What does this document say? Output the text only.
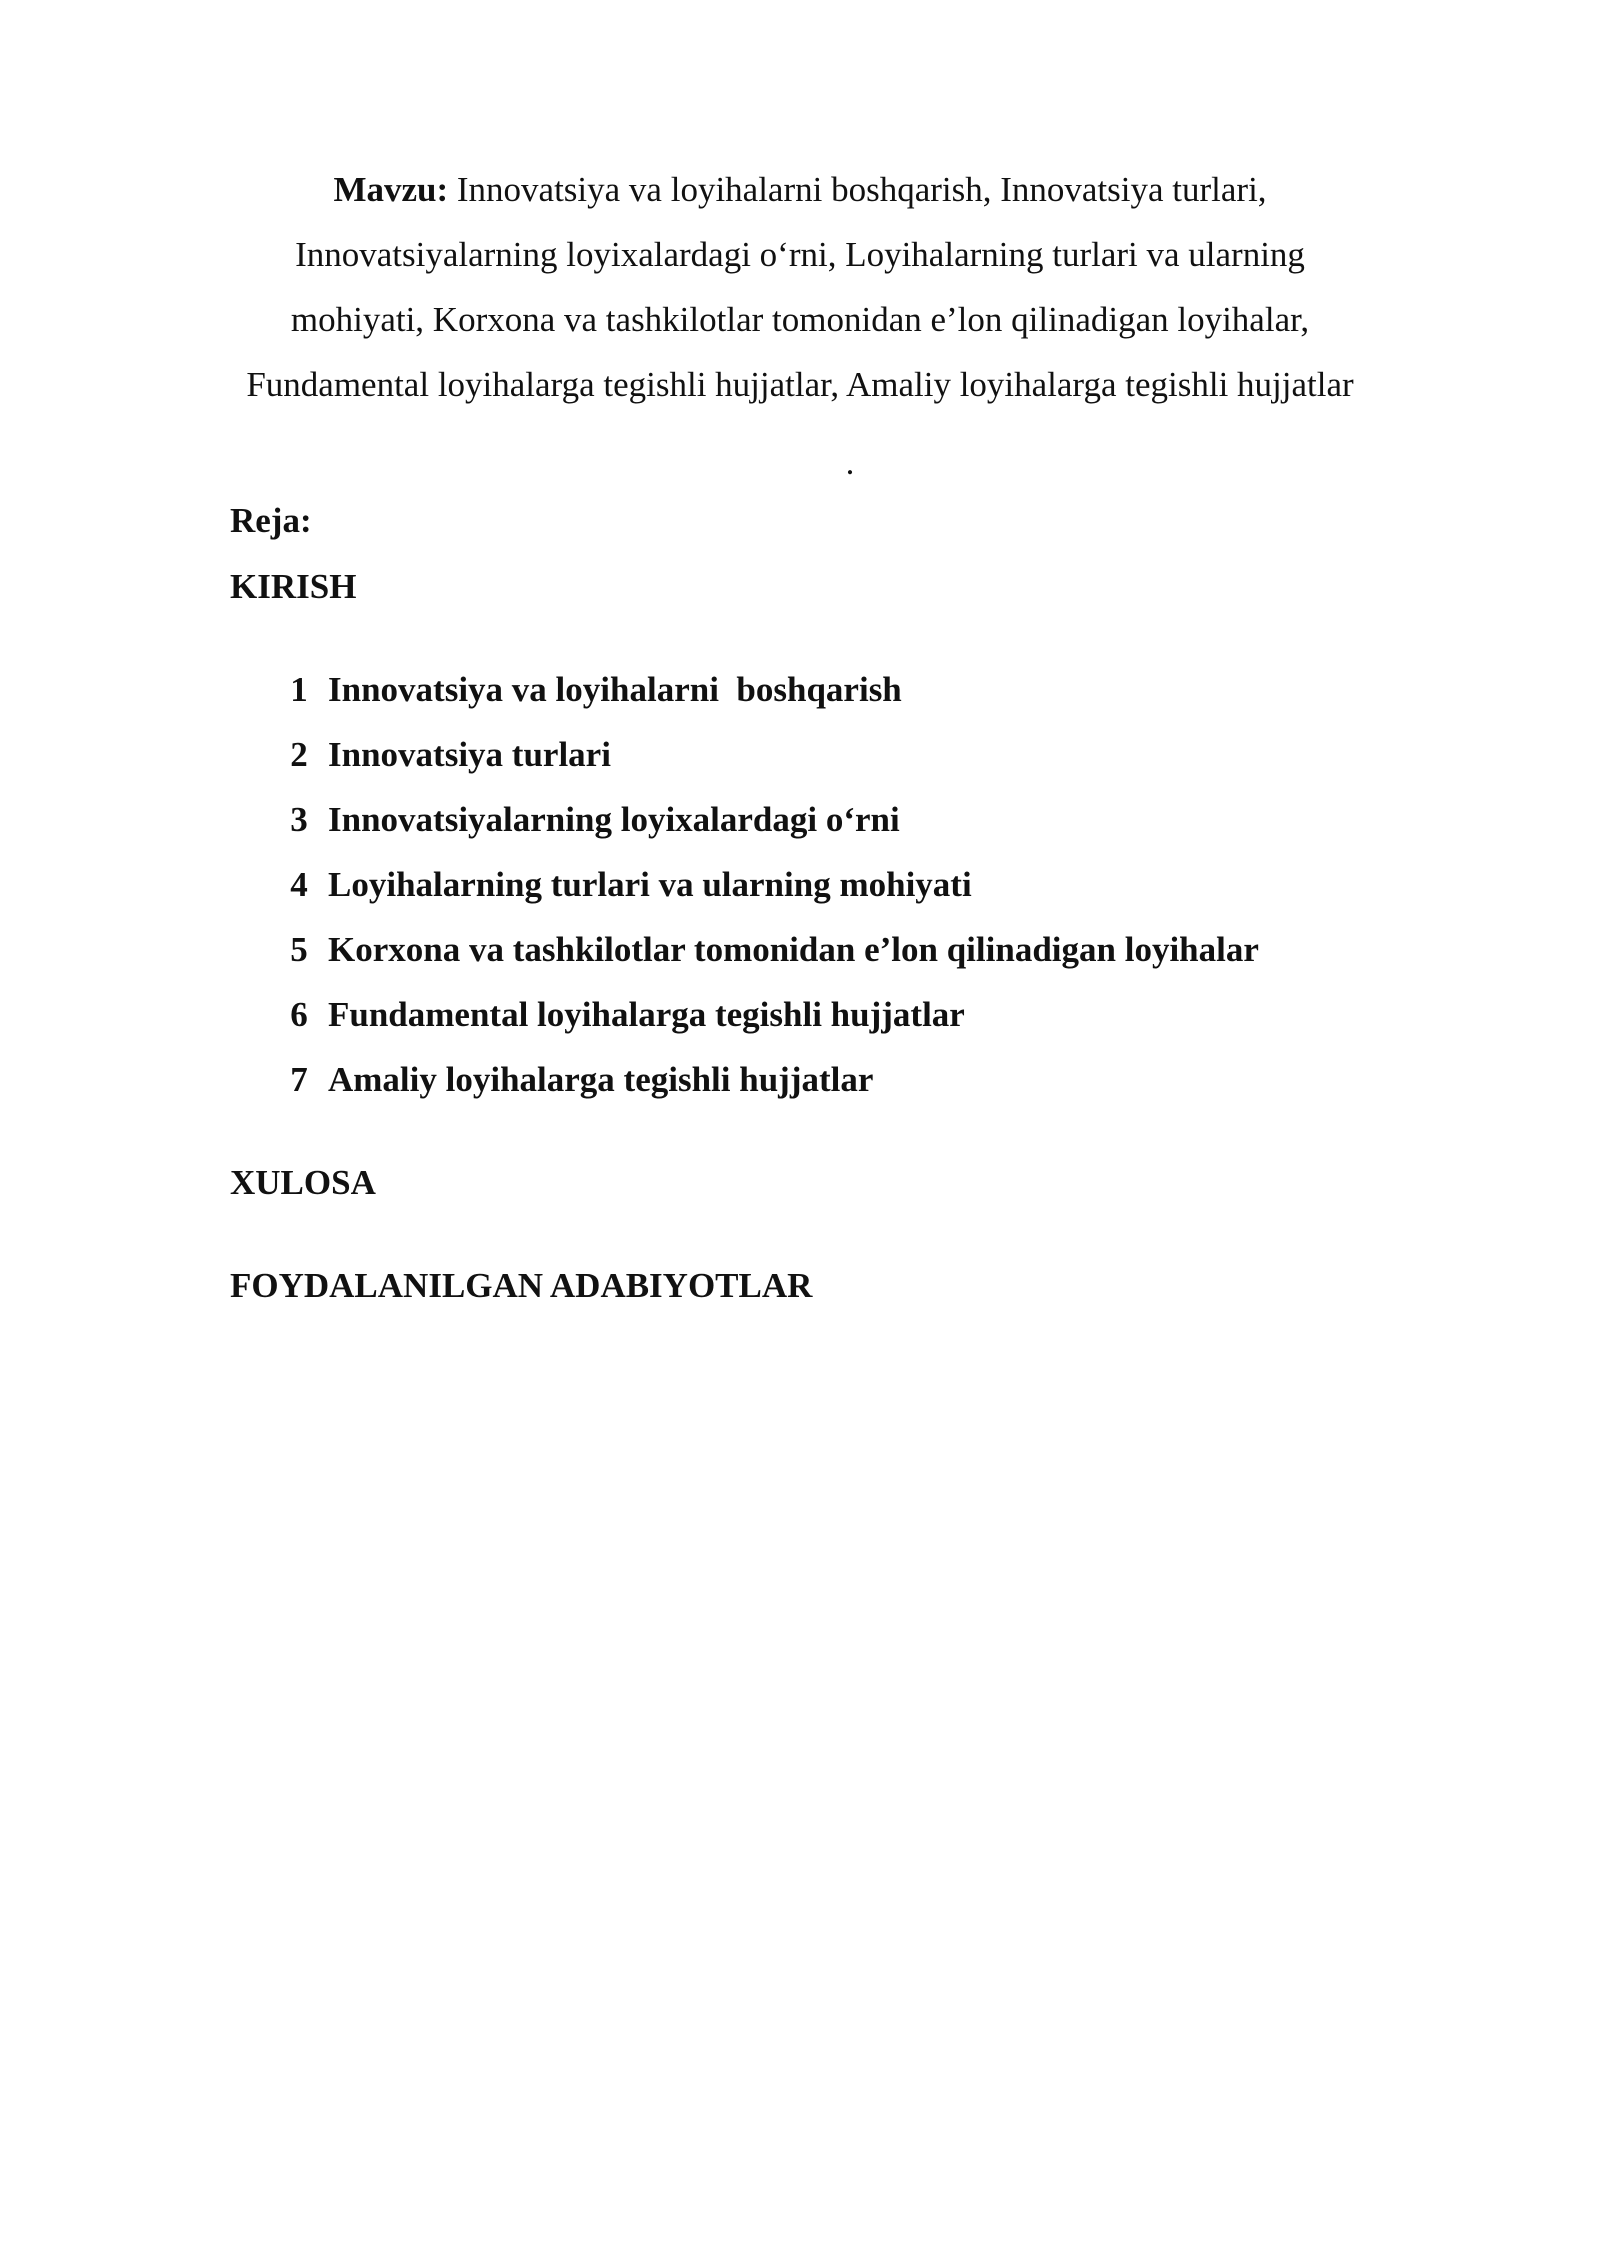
Mavzu: Innovatsiya va loyihalarni boshqarish, Innovatsiya turlari, Innovatsiyalarning loyixalardagi o‘rni, Loyihalarning turlari va ularning mohiyati, Korxona va tashkilotlar tomonidan e’lon qilinadigan loyihalar, Fundamental loyihalarga tegishli hujjatlar, Amaliy loyihalarga tegishli hujjatlar

.
Reja:
KIRISH
1 Innovatsiya va loyihalarni  boshqarish
2 Innovatsiya turlari
3 Innovatsiyalarning loyixalardagi o‘rni
4 Loyihalarning turlari va ularning mohiyati
5 Korxona va tashkilotlar tomonidan e’lon qilinadigan loyihalar
6 Fundamental loyihalarga tegishli hujjatlar
7 Amaliy loyihalarga tegishli hujjatlar
XULOSA
FOYDALANILGAN ADABIYOTLAR
